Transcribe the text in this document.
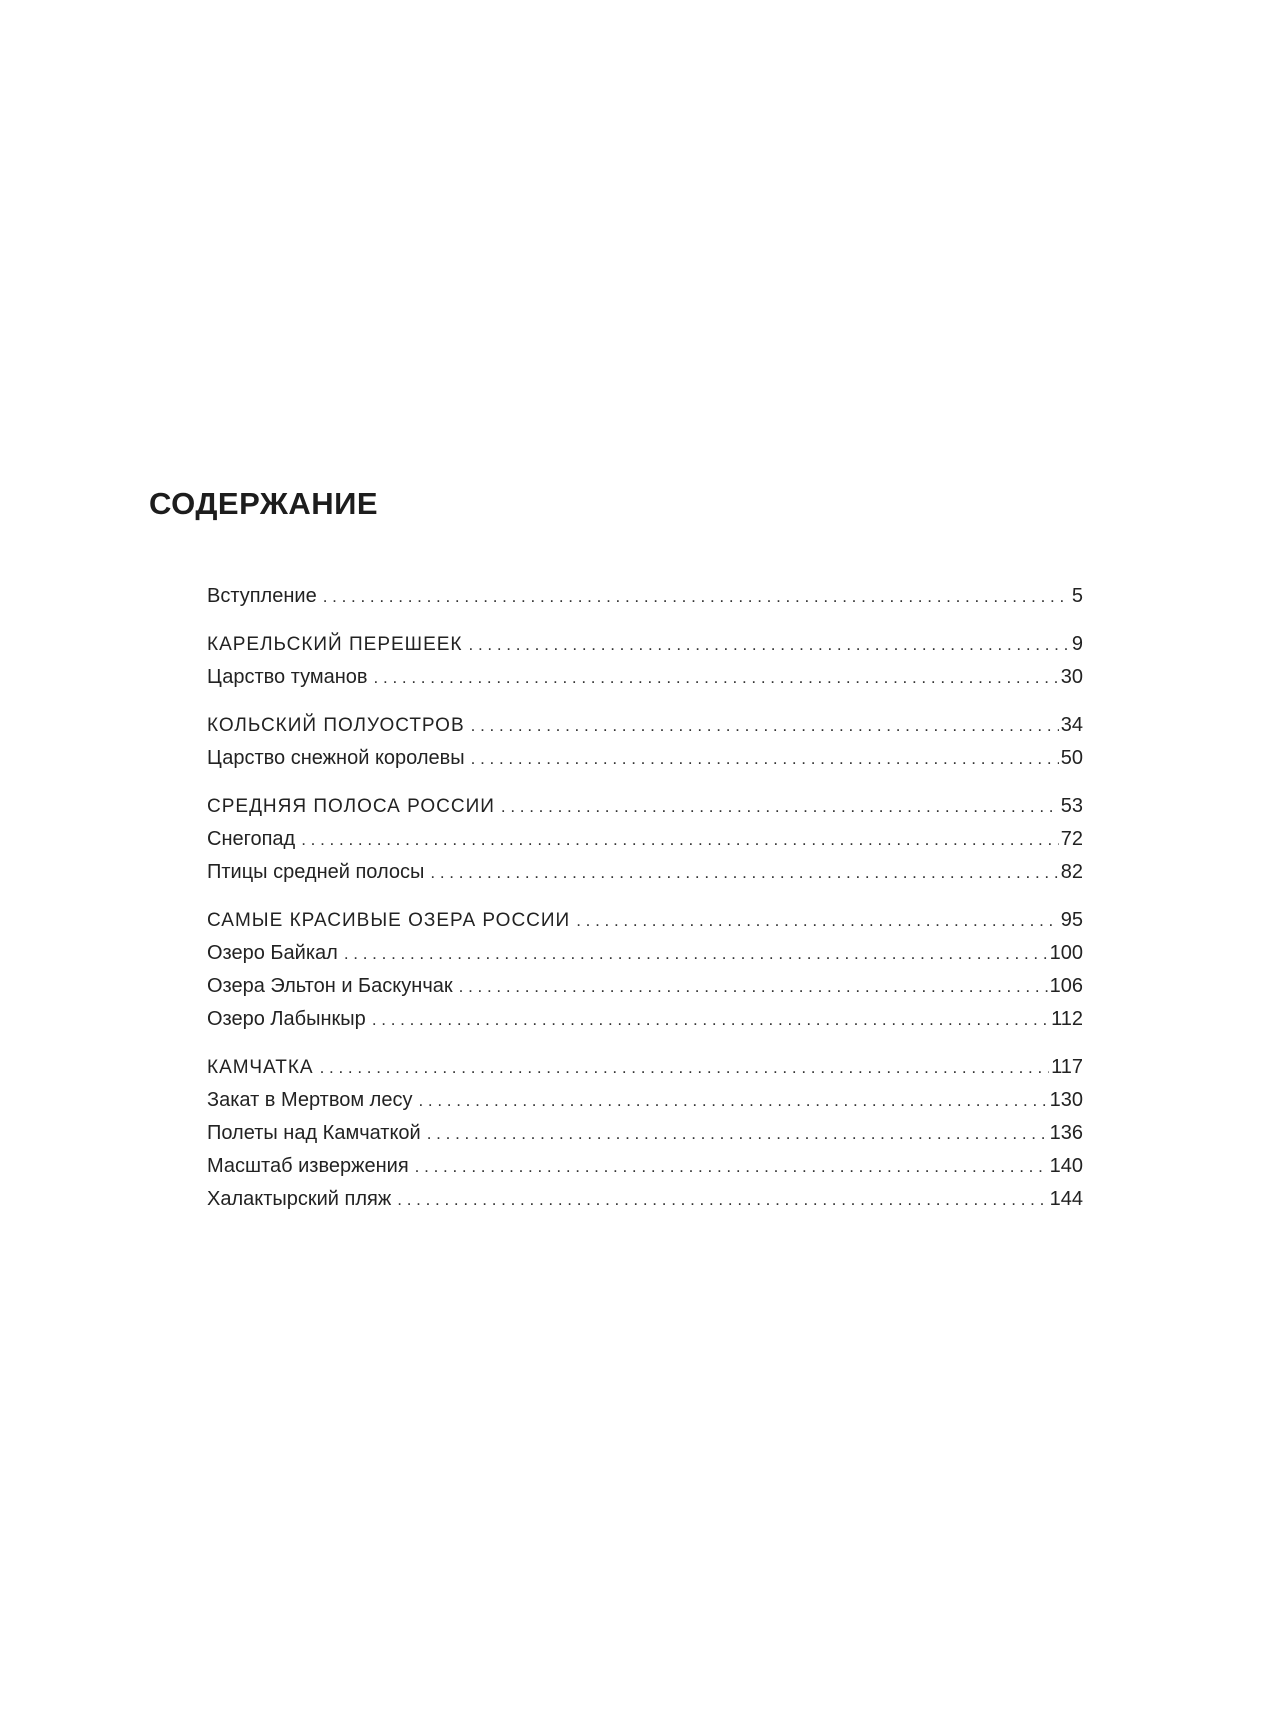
СОДЕРЖАНИЕ
Вступление . . .	5
КАРЕЛЬСКИЙ ПЕРЕШЕЕК . . .	9
Царство туманов . . .	30
КОЛЬСКИЙ ПОЛУОСТРОВ . . .	34
Царство снежной королевы . . .	50
СРЕДНЯЯ ПОЛОСА РОССИИ . . .	53
Снегопад . . .	72
Птицы средней полосы . . .	82
САМЫЕ КРАСИВЫЕ ОЗЕРА РОССИИ . . .	95
Озеро Байкал . . .	100
Озера Эльтон и Баскунчак . . .	106
Озеро Лабынкыр . . .	112
КАМЧАТКА . . .	117
Закат в Мертвом лесу . . .	130
Полеты над Камчаткой . . .	136
Масштаб извержения . . .	140
Халактырский пляж . . .	144
